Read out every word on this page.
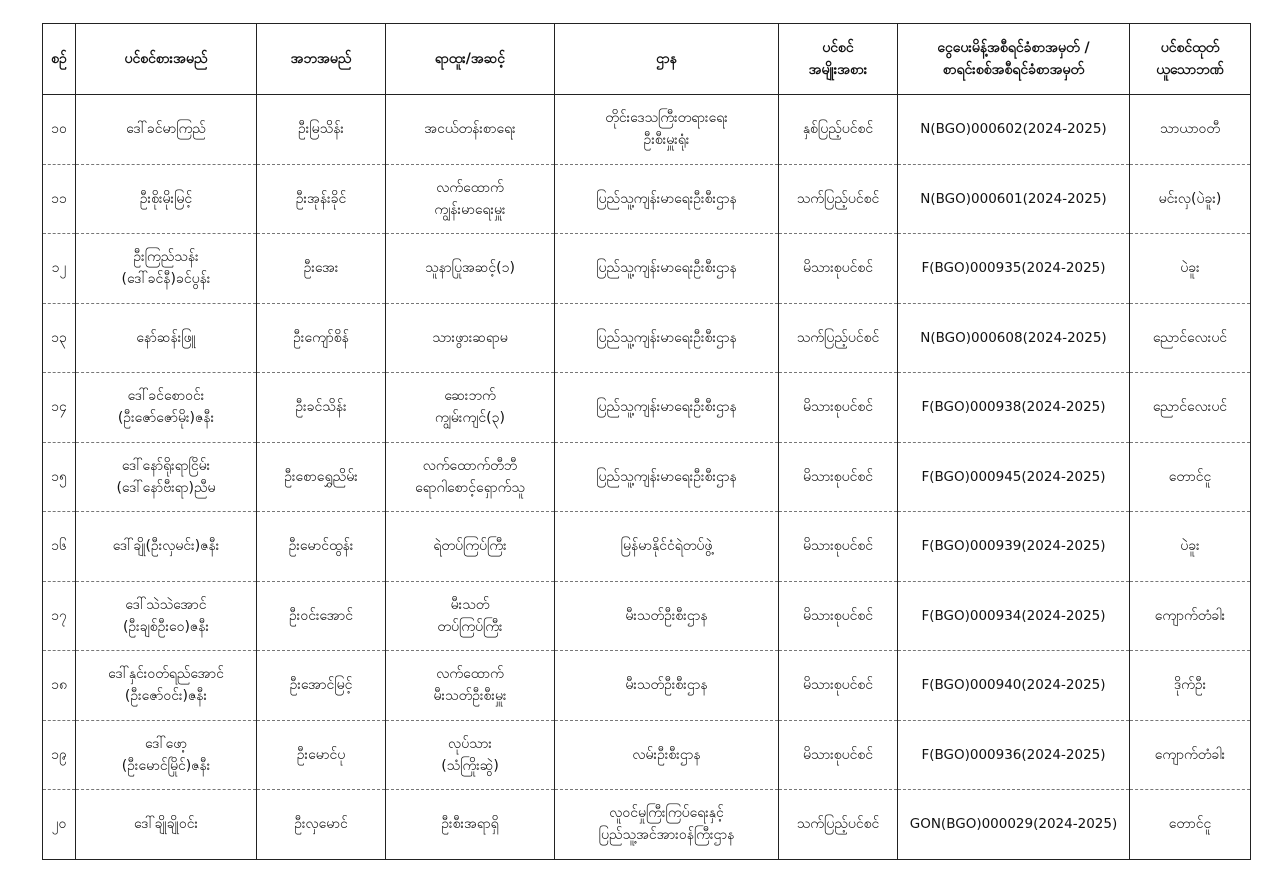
စဉ်	ပင်စင်စားအမည်	အဘအမည်	ရာထူး/အဆင့်	ဌာန	ပင်စင်
အမျိုးအစား	ငွေပေးမိန့်အစီရင်ခံစာအမှတ် /
စာရင်းစစ်အစီရင်ခံစာအမှတ်	ပင်စင်ထုတ်
ယူသောဘဏ်
၁၀	ဒေါ်ခင်မာကြည်	ဦးမြသိန်း	အငယ်တန်းစာရေး	တိုင်းဒေသကြီးတရားရေး
ဦးစီးမှူးရုံး	နှစ်ပြည့်ပင်စင်	N(BGO)000602(2024-2025)	သာယာဝတီ
၁၁	ဦးစိုးမိုးမြင့်	ဦးအုန်းခိုင်	လက်ထောက်
ကျွန်းမာရေးမှူး	ပြည်သူ့ကျန်းမာရေးဦးစီးဌာန	သက်ပြည့်ပင်စင်	N(BGO)000601(2024-2025)	မင်းလှ(ပဲခူး)
၁၂	ဦးကြည်သန်း
(ဒေါ်ခင်နီ)ခင်ပွန်း	ဦးအေး	သူနာပြုအဆင့်(၁)	ပြည်သူ့ကျန်းမာရေးဦးစီးဌာန	မိသားစုပင်စင်	F(BGO)000935(2024-2025)	ပဲခူး
၁၃	နော်ဆန်းဖြူ	ဦးကျော်စိန်	သားဖွားဆရာမ	ပြည်သူ့ကျန်းမာရေးဦးစီးဌာန	သက်ပြည့်ပင်စင်	N(BGO)000608(2024-2025)	ညောင်လေးပင်
၁၄	ဒေါ်ခင်စောဝင်း
(ဦးဇော်ဇော်မိုး)ဇနီး	ဦးခင်သိန်း	ဆေးဘက်
ကျွမ်းကျင်(၃)	ပြည်သူ့ကျန်းမာရေးဦးစီးဌာန	မိသားစုပင်စင်	F(BGO)000938(2024-2025)	ညောင်လေးပင်
၁၅	ဒေါ်နော်ရိုးရာငြိမ်း
(ဒေါ်နော်ဗီးရာ)ညီမ	ဦးစောရွှေညိမ်း	လက်ထောက်တီဘီ
ရောဂါစောင့်ရှောက်သူ	ပြည်သူ့ကျန်းမာရေးဦးစီးဌာန	မိသားစုပင်စင်	F(BGO)000945(2024-2025)	တောင်ငူ
၁၆	ဒေါ်ချို(ဦးလှမင်း)ဇနီး	ဦးမောင်ထွန်း	ရဲတပ်ကြပ်ကြီး	မြန်မာနိုင်ငံရဲတပ်ဖွဲ့	မိသားစုပင်စင်	F(BGO)000939(2024-2025)	ပဲခူး
၁၇	ဒေါ်သဲသဲအောင်
(ဦးချစ်ဦးဝေ)ဇနီး	ဦးဝင်းအောင်	မီးသတ်
တပ်ကြပ်ကြီး	မီးသတ်ဦးစီးဌာန	မိသားစုပင်စင်	F(BGO)000934(2024-2025)	ကျောက်တံခါး
၁၈	ဒေါ်နှင်းဝတ်ရည်အောင်
(ဦးဇော်ဝင်း)ဇနီး	ဦးအောင်မြင့်	လက်ထောက်
မီးသတ်ဦးစီးမှူး	မီးသတ်ဦးစီးဌာန	မိသားစုပင်စင်	F(BGO)000940(2024-2025)	ဒိုက်ဦး
၁၉	ဒေါ်ဖော့
(ဦးမောင်မြိုင်)ဇနီး	ဦးမောင်ပု	လုပ်သား
(သံကြိုးဆွဲ)	လမ်းဦးစီးဌာန	မိသားစုပင်စင်	F(BGO)000936(2024-2025)	ကျောက်တံခါး
၂၀	ဒေါ်ချိုချိုဝင်း	ဦးလှမောင်	ဦးစီးအရာရှိ	လူဝင်မှုကြီးကြပ်ရေးနှင့်
ပြည်သူ့အင်အားဝန်ကြီးဌာန	သက်ပြည့်ပင်စင်	GON(BGO)000029(2024-2025)	တောင်ငူ
